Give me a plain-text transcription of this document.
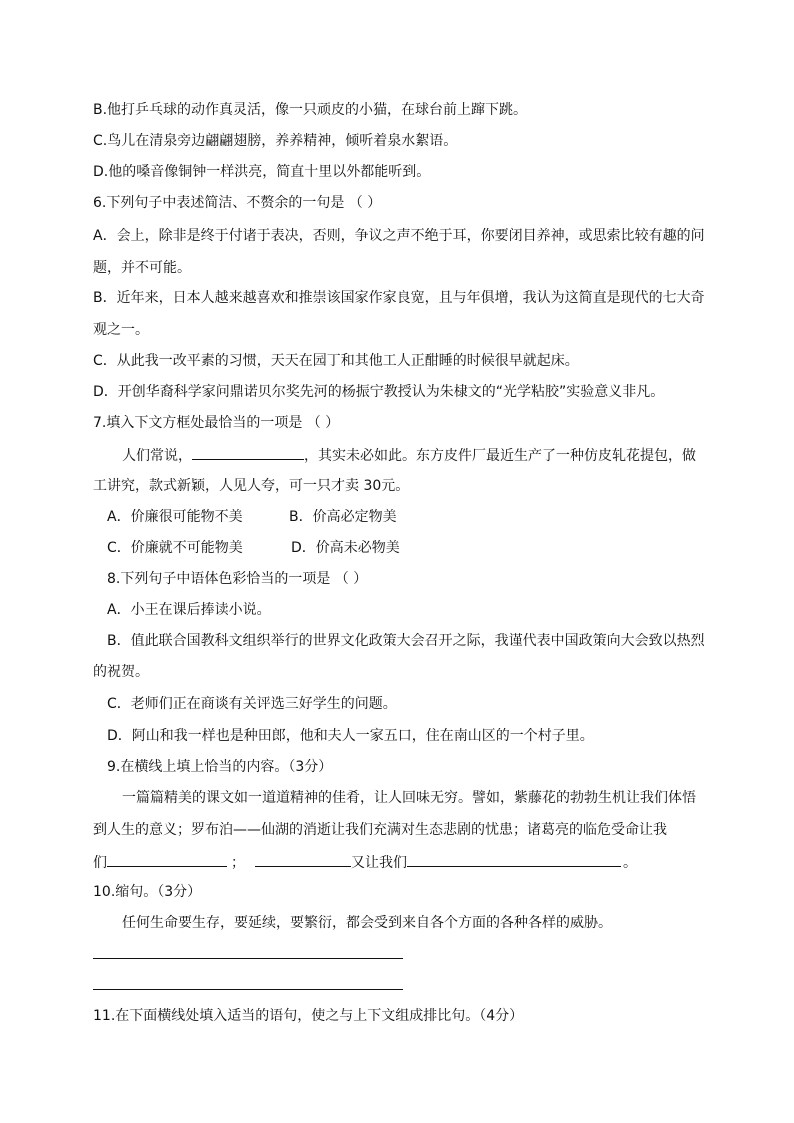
B.他打乒乓球的动作真灵活，像一只顽皮的小猫，在球台前上蹿下跳。
C.鸟儿在清泉旁边翩翩翅膀，养养精神，倾听着泉水絮语。
D.他的嗓音像铜钟一样洪亮，简直十里以外都能听到。
6.下列句子中表述简洁、不赘余的一句是 （ ）
A．会上，除非是终于付诸于表决，否则，争议之声不绝于耳，你要闭目养神，或思索比较有趣的问
题，并不可能。
B．近年来，日本人越来越喜欢和推崇该国家作家良宽，且与年俱增，我认为这简直是现代的七大奇
观之一。
C．从此我一改平素的习惯，天天在园丁和其他工人正酣睡的时候很早就起床。
D．开创华裔科学家问鼎诺贝尔奖先河的杨振宁教授认为朱棣文的“光学粘胶”实验意义非凡。
7.填入下文方框处最恰当的一项是 （ ）
人们常说，	，其实未必如此。东方皮件厂最近生产了一种仿皮轧花提包，做
工讲究，款式新颖，人见人夸，可一只才卖 30元。
A．价廉很可能物不美	B．价高必定物美
C．价廉就不可能物美	D．价高未必物美
8.下列句子中语体色彩恰当的一项是 （ ）
A．小王在课后捧读小说。
B．值此联合国教科文组织举行的世界文化政策大会召开之际，我谨代表中国政策向大会致以热烈
的祝贺。
C．老师们正在商谈有关评选三好学生的问题。
D．阿山和我一样也是种田郎，他和夫人一家五口，住在南山区的一个村子里。
9.在横线上填上恰当的内容。（3分）
一篇篇精美的课文如一道道精神的佳肴，让人回味无穷。譬如，紫藤花的勃勃生机让我们体悟
到人生的意义；罗布泊——仙湖的消逝让我们充满对生态悲剧的忧患；诸葛亮的临危受命让我
们	；	又让我们	。
10.缩句。（3分）
任何生命要生存，要延续，要繁衍，都会受到来自各个方面的各种各样的威胁。
11.在下面横线处填入适当的语句，使之与上下文组成排比句。（4分）
